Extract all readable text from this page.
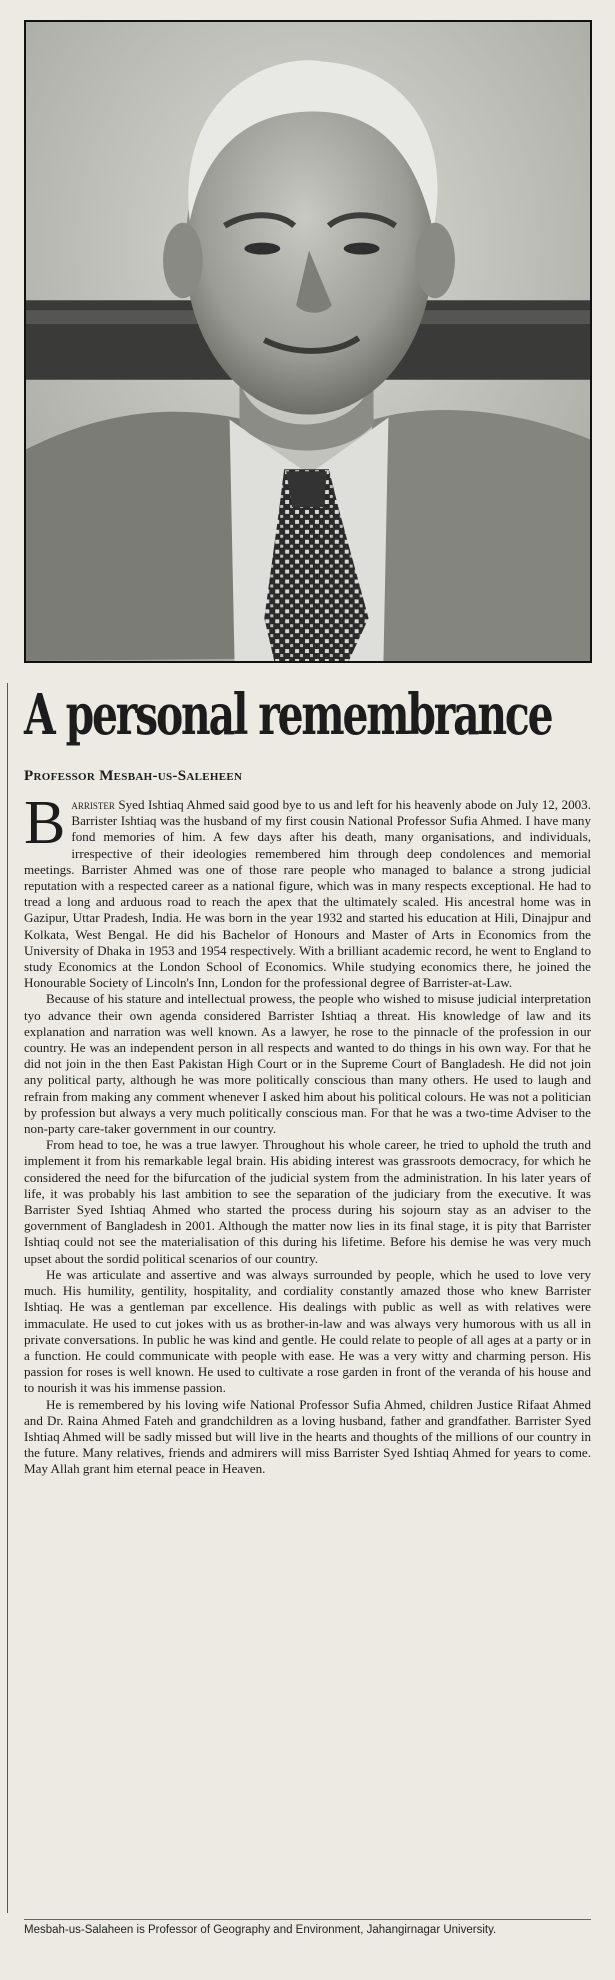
A personal remembrance
Professor Mesbah-us-Saleheen

Barrister Syed Ishtiaq Ahmed said good bye to us and left for his heavenly abode on July 12, 2003. Barrister Ishtiaq was the husband of my first cousin National Professor Sufia Ahmed. I have many fond memories of him. A few days after his death, many organisations, and individuals, irrespective of their ideologies remembered him through deep condolences and memorial meetings. Barrister Ahmed was one of those rare people who managed to balance a strong judicial reputation with a respected career as a national figure, which was in many respects exceptional. He had to tread a long and arduous road to reach the apex that the ultimately scaled. His ancestral home was in Gazipur, Uttar Pradesh, India. He was born in the year 1932 and started his education at Hili, Dinajpur and Kolkata, West Bengal. He did his Bachelor of Honours and Master of Arts in Economics from the University of Dhaka in 1953 and 1954 respectively. With a brilliant academic record, he went to England to study Economics at the London School of Economics. While studying economics there, he joined the Honourable Society of Lincoln's Inn, London for the professional degree of Barrister-at-Law.

Because of his stature and intellectual prowess, the people who wished to misuse judicial interpretation tyo advance their own agenda considered Barrister Ishtiaq a threat. His knowledge of law and its explanation and narration was well known. As a lawyer, he rose to the pinnacle of the profession in our country. He was an independent person in all respects and wanted to do things in his own way. For that he did not join in the then East Pakistan High Court or in the Supreme Court of Bangladesh. He did not join any political party, although he was more politically conscious than many others. He used to laugh and refrain from making any comment whenever I asked him about his political colours. He was not a politician by profession but always a very much politically conscious man. For that he was a two-time Adviser to the non-party care-taker government in our country.

From head to toe, he was a true lawyer. Throughout his whole career, he tried to uphold the truth and implement it from his remarkable legal brain. His abiding interest was grassroots democracy, for which he considered the need for the bifurcation of the judicial system from the administration. In his later years of life, it was probably his last ambition to see the separation of the judiciary from the executive. It was Barrister Syed Ishtiaq Ahmed who started the process during his sojourn stay as an adviser to the government of Bangladesh in 2001. Although the matter now lies in its final stage, it is pity that Barrister Ishtiaq could not see the materialisation of this during his lifetime. Before his demise he was very much upset about the sordid political scenarios of our country.

He was articulate and assertive and was always surrounded by people, which he used to love very much. His humility, gentility, hospitality, and cordiality constantly amazed those who knew Barrister Ishtiaq. He was a gentleman par excellence. His dealings with public as well as with relatives were immaculate. He used to cut jokes with us as brother-in-law and was always very humorous with us all in private conversations. In public he was kind and gentle. He could relate to people of all ages at a party or in a function. He could communicate with people with ease. He was a very witty and charming person. His passion for roses is well known. He used to cultivate a rose garden in front of the veranda of his house and to nourish it was his immense passion.

He is remembered by his loving wife National Professor Sufia Ahmed, children Justice Rifaat Ahmed and Dr. Raina Ahmed Fateh and grandchildren as a loving husband, father and grandfather. Barrister Syed Ishtiaq Ahmed will be sadly missed but will live in the hearts and thoughts of the millions of our country in the future. Many relatives, friends and admirers will miss Barrister Syed Ishtiaq Ahmed for years to come. May Allah grant him eternal peace in Heaven.

Mesbah-us-Salaheen is Professor of Geography and Environment, Jahangirnagar University.
